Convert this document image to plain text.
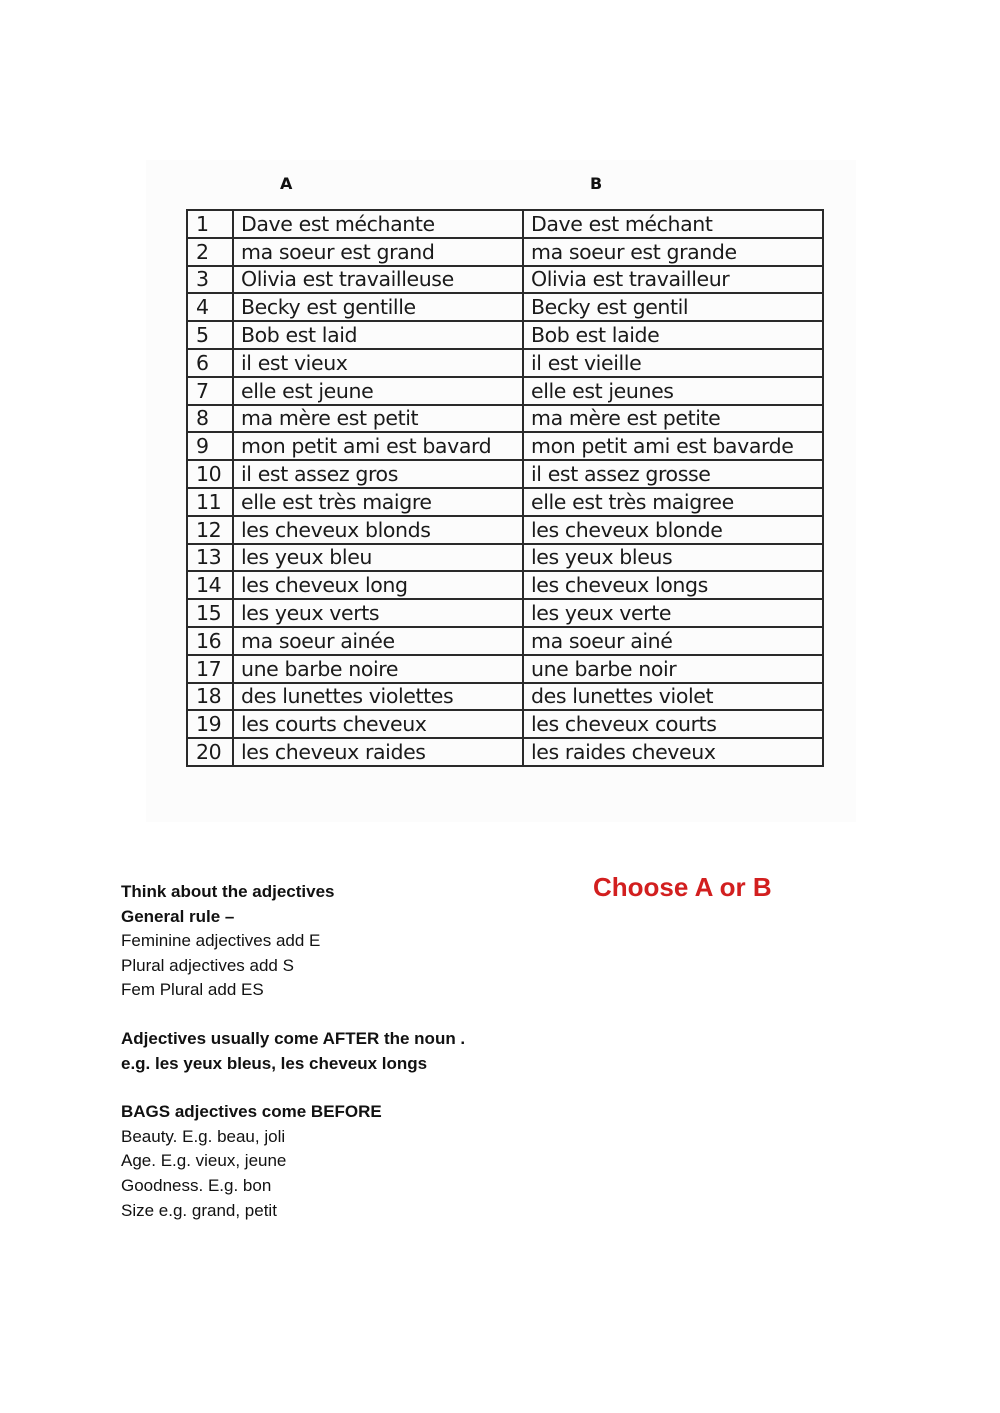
A	B
1	Dave est méchante	Dave est méchant
2	ma soeur est grand	ma soeur est grande
3	Olivia est travailleuse	Olivia est travailleur
4	Becky est gentille	Becky est gentil
5	Bob est laid	Bob est laide
6	il est vieux	il est vieille
7	elle est jeune	elle est jeunes
8	ma mère est petit	ma mère est petite
9	mon petit ami est bavard	mon petit ami est bavarde
10	il est assez gros	il est assez grosse
11	elle est très maigre	elle est très maigree
12	les cheveux blonds	les cheveux blonde
13	les yeux bleu	les yeux bleus
14	les cheveux long	les cheveux longs
15	les yeux verts	les yeux verte
16	ma soeur ainée	ma soeur ainé
17	une barbe noire	une barbe noir
18	des lunettes violettes	des lunettes violet
19	les courts cheveux	les cheveux courts
20	les cheveux raides	les raides cheveux
Choose A or B
Think about the adjectives
General rule –
Feminine adjectives add E
Plural adjectives add S
Fem Plural add ES
Adjectives usually come AFTER the noun .
e.g. les yeux bleus, les cheveux longs
BAGS adjectives come BEFORE
Beauty. E.g. beau, joli
Age. E.g. vieux, jeune
Goodness. E.g. bon
Size e.g. grand, petit
